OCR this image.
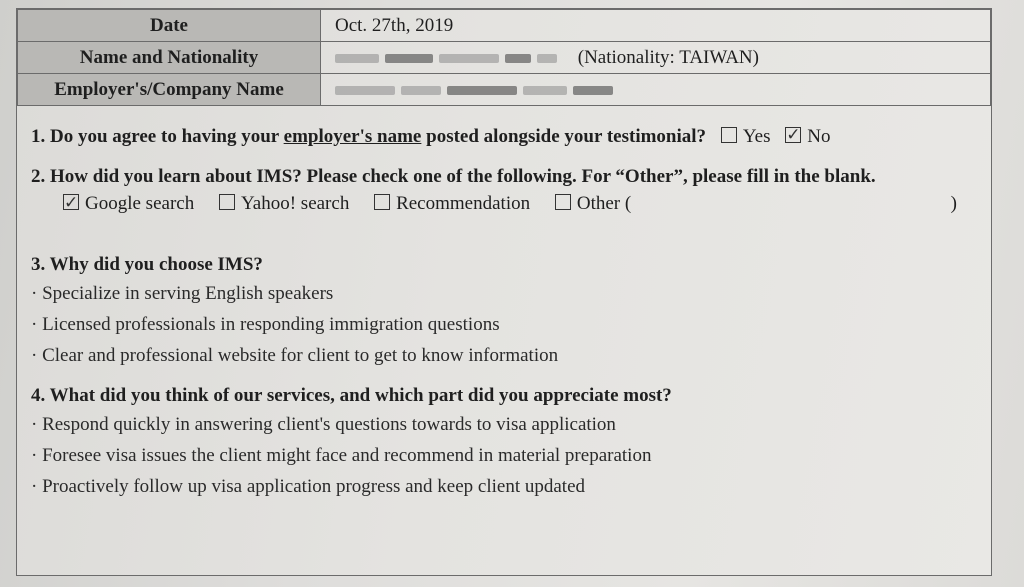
Date	Oct. 27th, 2019
Name and Nationality	(Nationality: TAIWAN)
Employer's/Company Name	
1. Do you agree to having your employer's name posted alongside your testimonial? Yes ✓ No
2. How did you learn about IMS? Please check one of the following. For “Other”, please fill in the blank.
✓Google search Yahoo! search Recommendation Other (	)
3. Why did you choose IMS?
· Specialize in serving English speakers
· Licensed professionals in responding immigration questions
· Clear and professional website for client to get to know information
4. What did you think of our services, and which part did you appreciate most?
· Respond quickly in answering client's questions towards to visa application
· Foresee visa issues the client might face and recommend in material preparation
· Proactively follow up visa application progress and keep client updated
